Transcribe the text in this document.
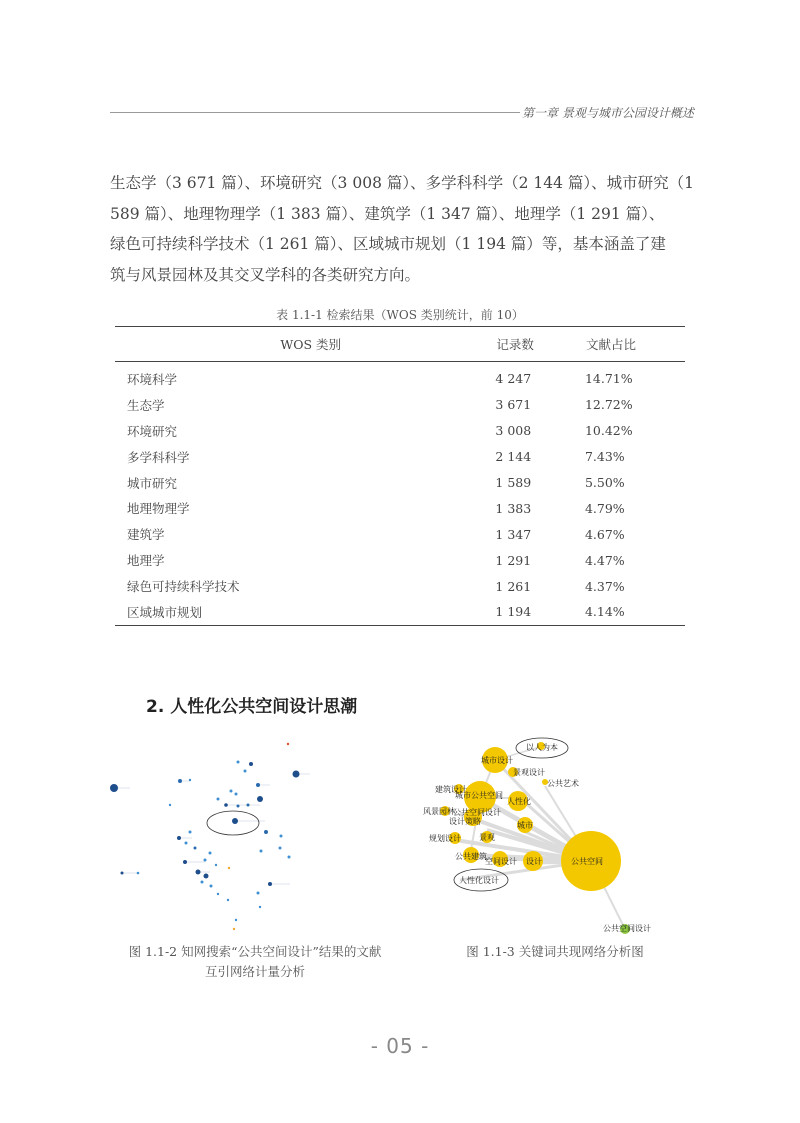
第一章 景观与城市公园设计概述

生态学（3 671 篇）、环境研究（3 008 篇）、多学科科学（2 144 篇）、城市研究（1

589 篇）、地理物理学（1 383 篇）、建筑学（1 347 篇）、地理学（1 291 篇）、

绿色可持续科学技术（1 261 篇）、区域城市规划（1 194 篇）等，基本涵盖了建

筑与风景园林及其交叉学科的各类研究方向。

表 1.1-1 检索结果（WOS 类别统计，前 10）
WOS 类别	记录数	文献占比
环境科学	4 247	14.71%
生态学	3 671	12.72%
环境研究	3 008	10.42%
多学科科学	2 144	7.43%
城市研究	1 589	5.50%
地理物理学	1 383	4.79%
建筑学	1 347	4.67%
地理学	1 291	4.47%
绿色可持续科学技术	1 261	4.37%
区域城市规划	1 194	4.14%
2. 人性化公共空间设计思潮
以人为本
城市设计
景观设计
公共艺术
建筑设计
城市公共空间
风景园林
公共空间设计
设计策略
人性化
城市
规划设计 景观
公共建筑
空间设计 设计	公共空间
人性化设计
公共空间设计
图 1.1-2 知网搜索“公共空间设计”结果的文献
互引网络计量分析
图 1.1-3 关键词共现网络分析图
- 05 -
